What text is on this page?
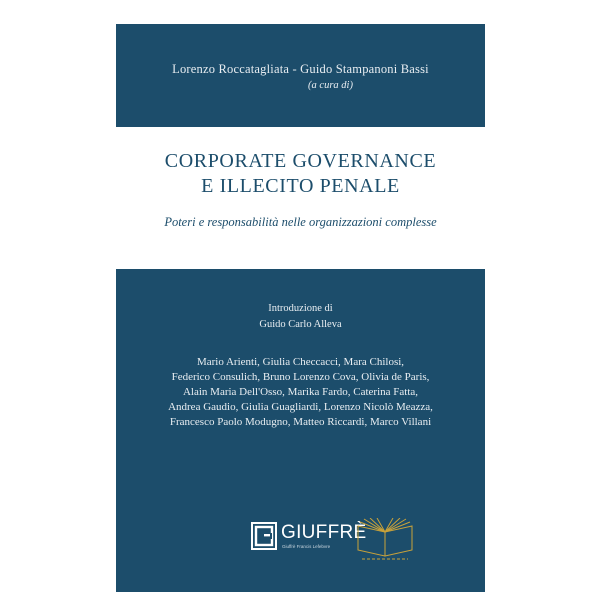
Lorenzo Roccatagliata - Guido Stampanoni Bassi
(a cura di)
CORPORATE GOVERNANCE
E ILLECITO PENALE
Poteri e responsabilità nelle organizzazioni complesse
Introduzione di
Guido Carlo Alleva
Mario Arienti, Giulia Checcacci, Mara Chilosi,
Federico Consulich, Bruno Lorenzo Cova, Olivia de Paris,
Alain Maria Dell'Osso, Marika Fardo, Caterina Fatta,
Andrea Gaudio, Giulia Guagliardi, Lorenzo Nicolò Meazza,
Francesco Paolo Modugno, Matteo Riccardi, Marco Villani
GIUFFRÈ
Giuffrè Francis Lefebvre
